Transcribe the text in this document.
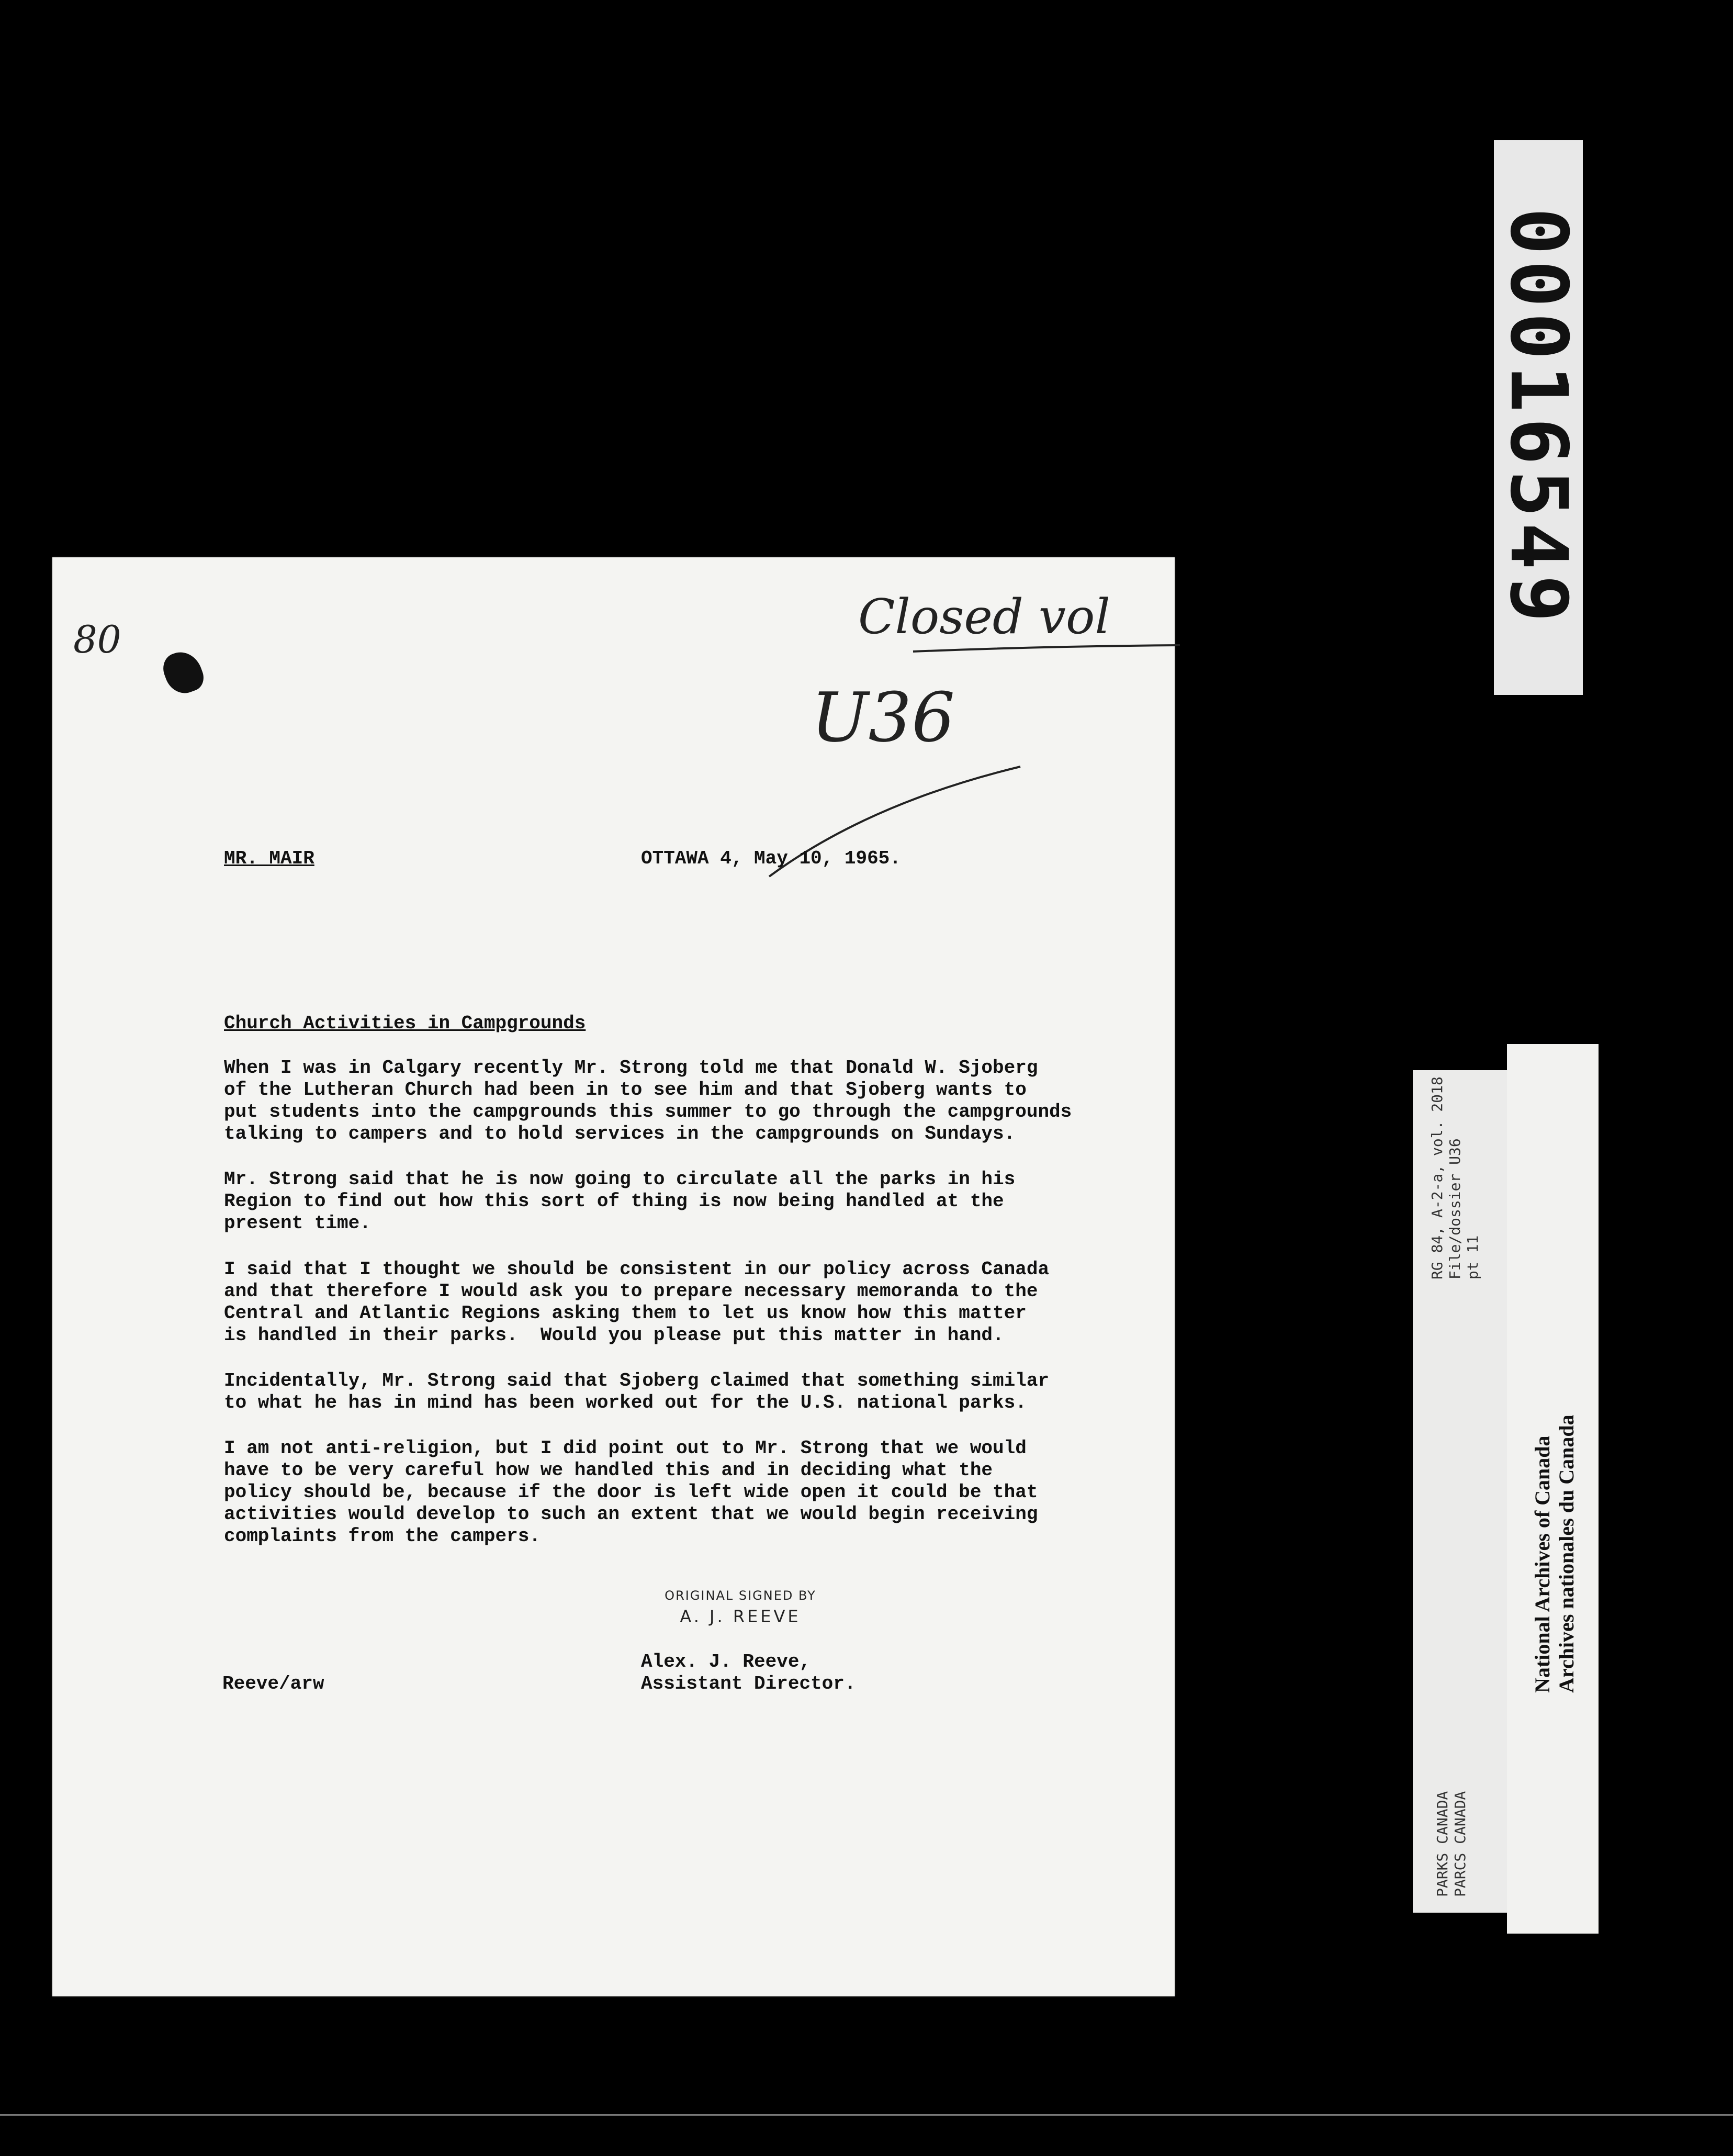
00016549
80	Closed vol
U36
MR. MAIR	OTTAWA 4, May 10, 1965.
Church Activities in Campgrounds
When I was in Calgary recently Mr. Strong told me that Donald W. Sjoberg
of the Lutheran Church had been in to see him and that Sjoberg wants to
put students into the campgrounds this summer to go through the campgrounds
talking to campers and to hold services in the campgrounds on Sundays.
Mr. Strong said that he is now going to circulate all the parks in his
Region to find out how this sort of thing is now being handled at the
present time.
I said that I thought we should be consistent in our policy across Canada
and that therefore I would ask you to prepare necessary memoranda to the
Central and Atlantic Regions asking them to let us know how this matter
is handled in their parks.  Would you please put this matter in hand.
Incidentally, Mr. Strong said that Sjoberg claimed that something similar
to what he has in mind has been worked out for the U.S. national parks.
I am not anti-religion, but I did point out to Mr. Strong that we would
have to be very careful how we handled this and in deciding what the
policy should be, because if the door is left wide open it could be that
activities would develop to such an extent that we would begin receiving
complaints from the campers.
ORIGINAL SIGNED BY
A. J. REEVE
Alex. J. Reeve,
Assistant Director.
Reeve/arw
RG 84, A-2-a, vol. 2018
File/dossier U36
pt 11
PARKS CANADA
PARCS CANADA
National Archives of Canada
Archives nationales du Canada
